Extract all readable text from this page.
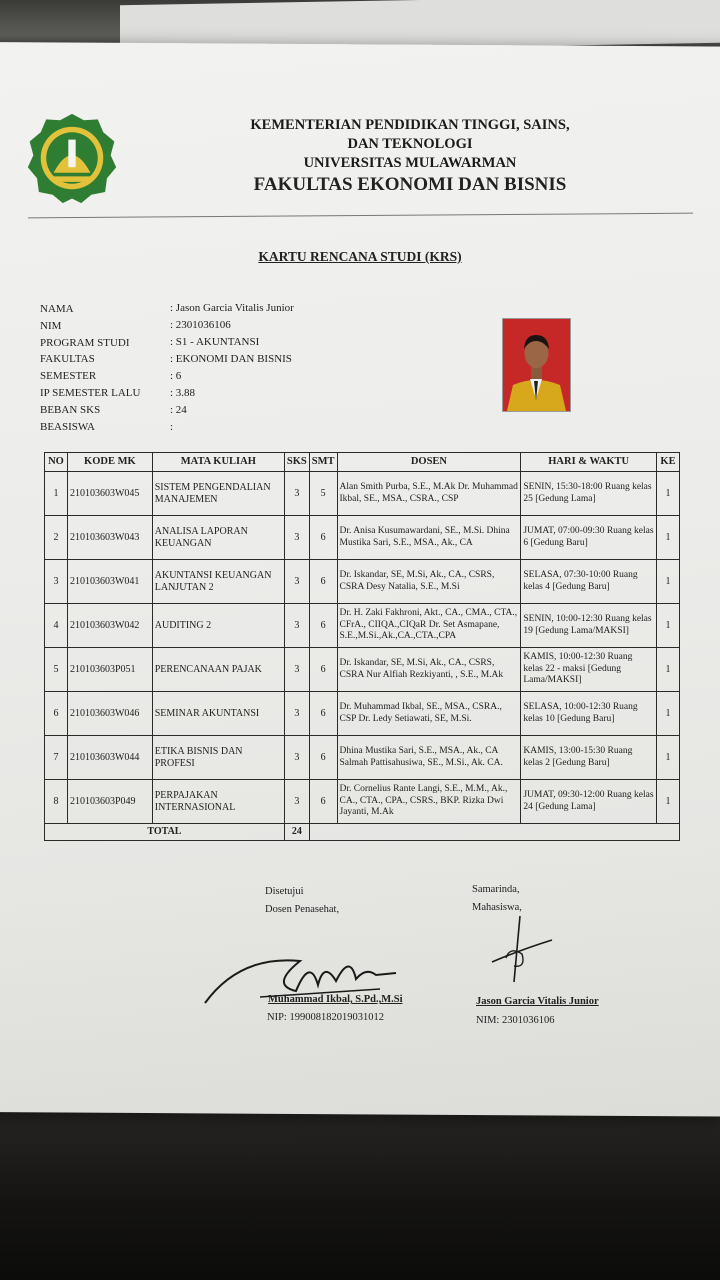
KEMENTERIAN PENDIDIKAN TINGGI, SAINS,
DAN TEKNOLOGI
UNIVERSITAS MULAWARMAN
FAKULTAS EKONOMI DAN BISNIS
KARTU RENCANA STUDI (KRS)
NAMA	: Jason Garcia Vitalis Junior
NIM	: 2301036106
PROGRAM STUDI	: S1 - AKUNTANSI
FAKULTAS	: EKONOMI DAN BISNIS
SEMESTER	: 6
IP SEMESTER LALU	: 3.88
BEBAN SKS	: 24
BEASISWA	:
NO	KODE MK	MATA KULIAH	SKS	SMT	DOSEN	HARI & WAKTU	KE
1	210103603W045	SISTEM PENGENDALIAN MANAJEMEN	3	5	Alan Smith Purba, S.E., M.Ak Dr. Muhammad Ikbal, SE., MSA., CSRA., CSP	SENIN, 15:30-18:00 Ruang kelas 25 [Gedung Lama]	1
2	210103603W043	ANALISA LAPORAN KEUANGAN	3	6	Dr. Anisa Kusumawardani, SE., M.Si. Dhina Mustika Sari, S.E., MSA., Ak., CA	JUMAT, 07:00-09:30 Ruang kelas 6 [Gedung Baru]	1
3	210103603W041	AKUNTANSI KEUANGAN LANJUTAN 2	3	6	Dr. Iskandar, SE, M.Si, Ak., CA., CSRS, CSRA Desy Natalia, S.E., M.Si	SELASA, 07:30-10:00 Ruang kelas 4 [Gedung Baru]	1
4	210103603W042	AUDITING 2	3	6	Dr. H. Zaki Fakhroni, Akt., CA., CMA., CTA., CFrA., CIIQA.,CIQaR Dr. Set Asmapane, S.E.,M.Si.,Ak.,CA.,CTA.,CPA	SENIN, 10:00-12:30 Ruang kelas 19 [Gedung Lama/MAKSI]	1
5	210103603P051	PERENCANAAN PAJAK	3	6	Dr. Iskandar, SE, M.Si, Ak., CA., CSRS, CSRA Nur Alfiah Rezkiyanti, , S.E., M.Ak	KAMIS, 10:00-12:30 Ruang kelas 22 - maksi [Gedung Lama/MAKSI]	1
6	210103603W046	SEMINAR AKUNTANSI	3	6	Dr. Muhammad Ikbal, SE., MSA., CSRA., CSP Dr. Ledy Setiawati, SE, M.Si.	SELASA, 10:00-12:30 Ruang kelas 10 [Gedung Baru]	1
7	210103603W044	ETIKA BISNIS DAN PROFESI	3	6	Dhina Mustika Sari, S.E., MSA., Ak., CA Salmah Pattisahusiwa, SE., M.Si., Ak. CA.	KAMIS, 13:00-15:30 Ruang kelas 2 [Gedung Baru]	1
8	210103603P049	PERPAJAKAN INTERNASIONAL	3	6	Dr. Cornelius Rante Langi, S.E., M.M., Ak., CA., CTA., CPA., CSRS., BKP. Rizka Dwi Jayanti, M.Ak	JUMAT, 09:30-12:00 Ruang kelas 24 [Gedung Lama]	1
TOTAL			24				
Disetujui
Dosen Penasehat,
Muhammad Ikbal, S.Pd.,M.Si
NIP: 199008182019031012
Samarinda,
Mahasiswa,
Jason Garcia Vitalis Junior
NIM: 2301036106
